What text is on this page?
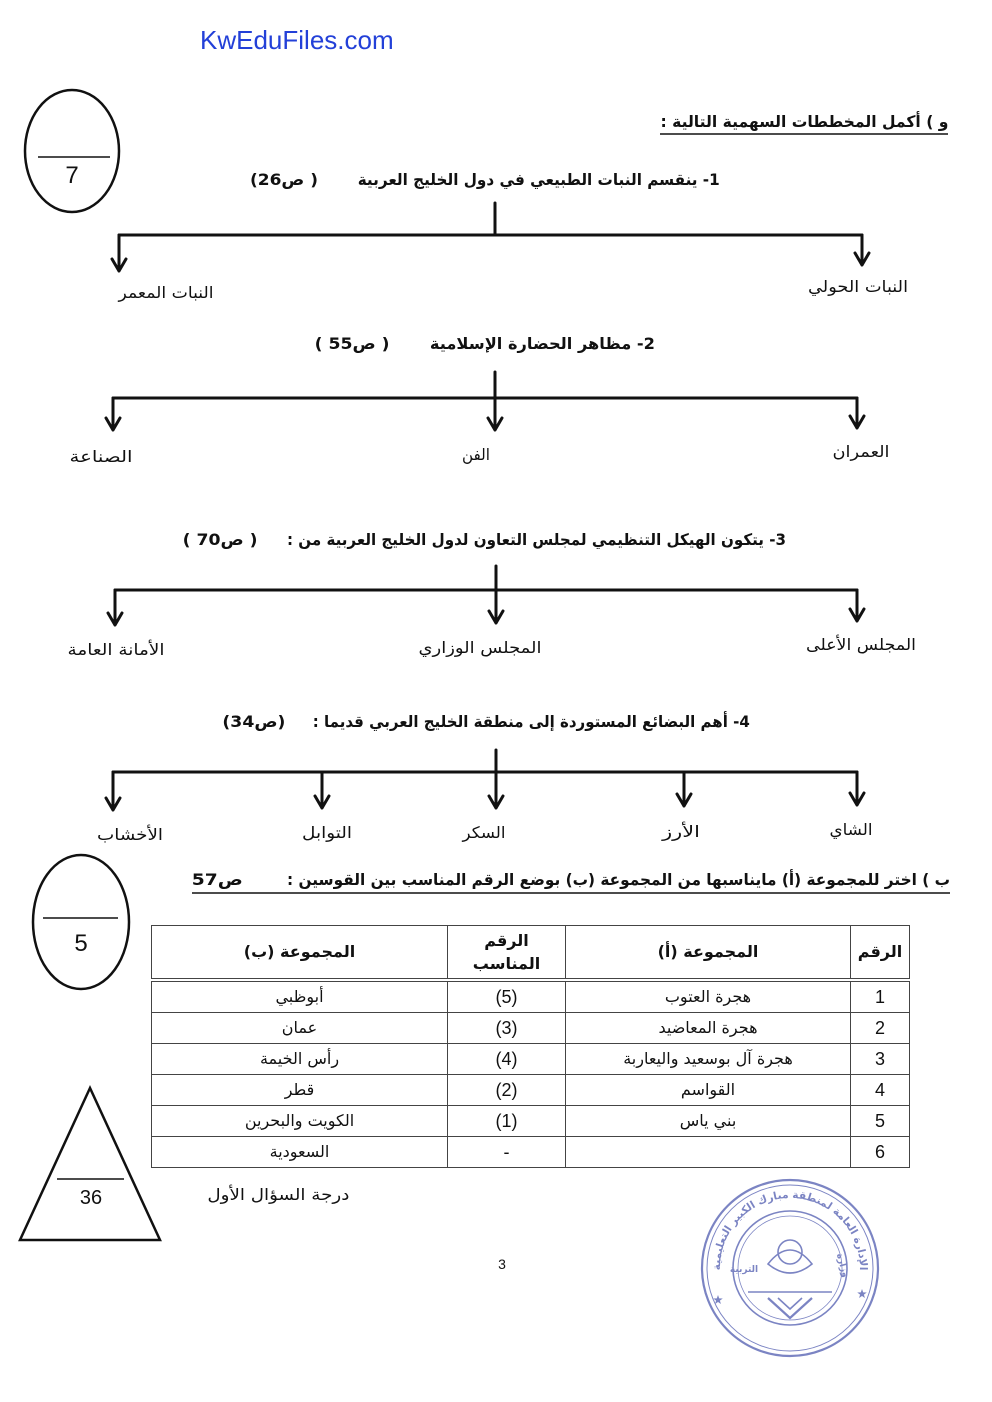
الإدارة العامة لمنطقة مبارك الكبير التعليمية
التربية	وزارة
KwEduFiles.com
7
5
36	درجة السؤال الأول
و ) أكمل المخططات السهمية التالية :
1- ينقسم النبات الطبيعي في دول الخليج العربية
( ص26)
النبات الحولي
النبات المعمر
2- مظاهر الحضارة الإسلامية
( ص55 )
العمران
الفن
الصناعة
3- يتكون الهيكل التنظيمي لمجلس التعاون لدول الخليج العربية من :
( ص70 )
المجلس الأعلى
المجلس الوزاري
الأمانة العامة
4- أهم البضائع المستوردة إلى منطقة الخليج العربي قديما :
(ص34)
الشاي
الأرز
السكر
التوابل
الأخشاب
ب ) اختر للمجموعة (أ) مايناسبها من المجموعة (ب) بوضع الرقم المناسب بين القوسين :
ص57
الرقم	المجموعة (أ)	الرقم المناسب	المجموعة (ب)
1	هجرة العتوب	(5)	أبوظبي
2	هجرة المعاضيد	(3)	عمان
3	هجرة آل بوسعيد واليعاربة	(4)	رأس الخيمة
4	القواسم	(2)	قطر
5	بني ياس	(1)	الكويت والبحرين
6		-	السعودية
3
